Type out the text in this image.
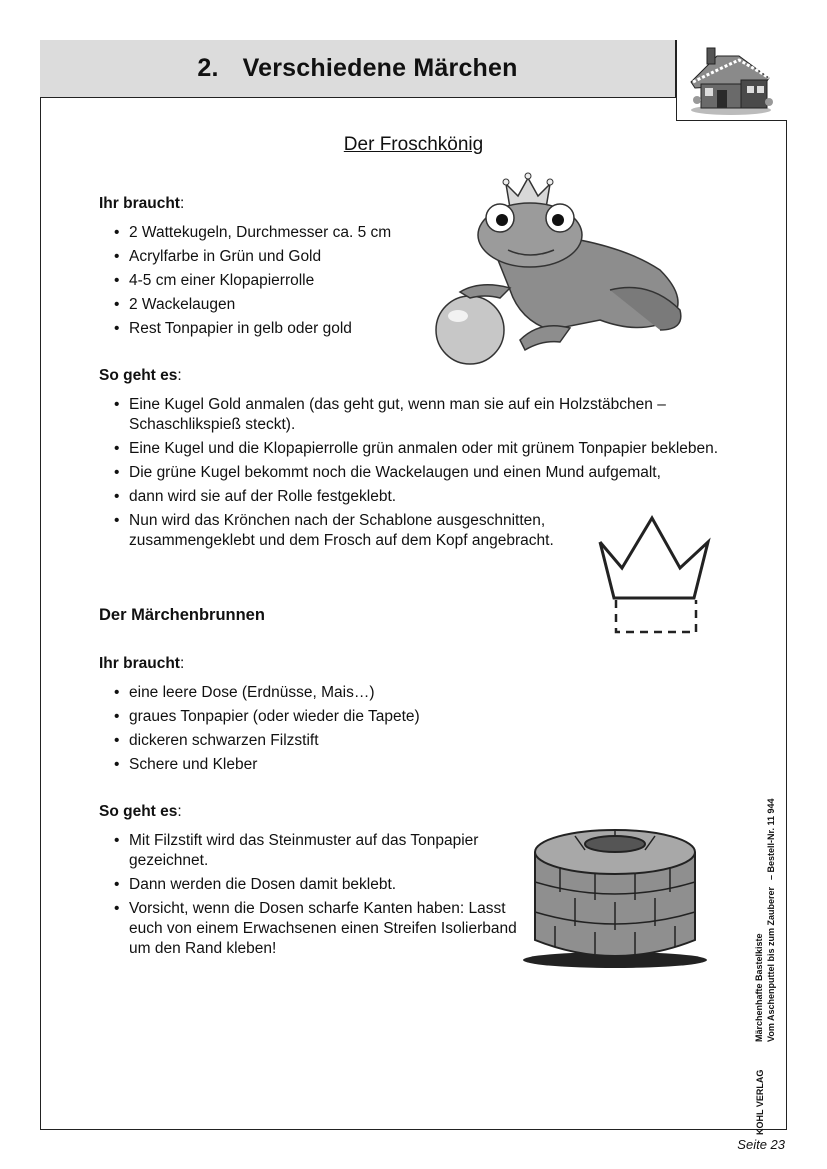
2. Verschiedene Märchen
Der Froschkönig
Ihr braucht:
• 2 Wattekugeln, Durchmesser ca. 5 cm
• Acrylfarbe in Grün und Gold
• 4-5 cm einer Klopapierrolle
• 2 Wackelaugen
• Rest Tonpapier in gelb oder gold
So geht es:
• Eine Kugel Gold anmalen (das geht gut, wenn man sie auf ein Holzstäbchen – Schaschlikspieß steckt).
• Eine Kugel und die Klopapierrolle grün anmalen oder mit grünem Tonpapier bekleben.
• Die grüne Kugel bekommt noch die Wackelaugen und einen Mund aufgemalt,
• dann wird sie auf der Rolle festgeklebt.
• Nun wird das Krönchen nach der Schablone ausgeschnitten, zusammengeklebt und dem Frosch auf dem Kopf angebracht.
Der Märchenbrunnen
Ihr braucht:
• eine leere Dose (Erdnüsse, Mais…)
• graues Tonpapier (oder wieder die Tapete)
• dickeren schwarzen Filzstift
• Schere und Kleber
So geht es:
• Mit Filzstift wird das Steinmuster auf das Tonpapier gezeichnet.
• Dann werden die Dosen damit beklebt.
• Vorsicht, wenn die Dosen scharfe Kanten haben: Lasst euch von einem Erwachsenen einen Streifen Isolierband um den Rand kleben!
KOHL VERLAG
Märchenhafte Bastelkiste Vom Aschenputtel bis zum Zauberer
– Bestell-Nr. 11 944
Seite 23
